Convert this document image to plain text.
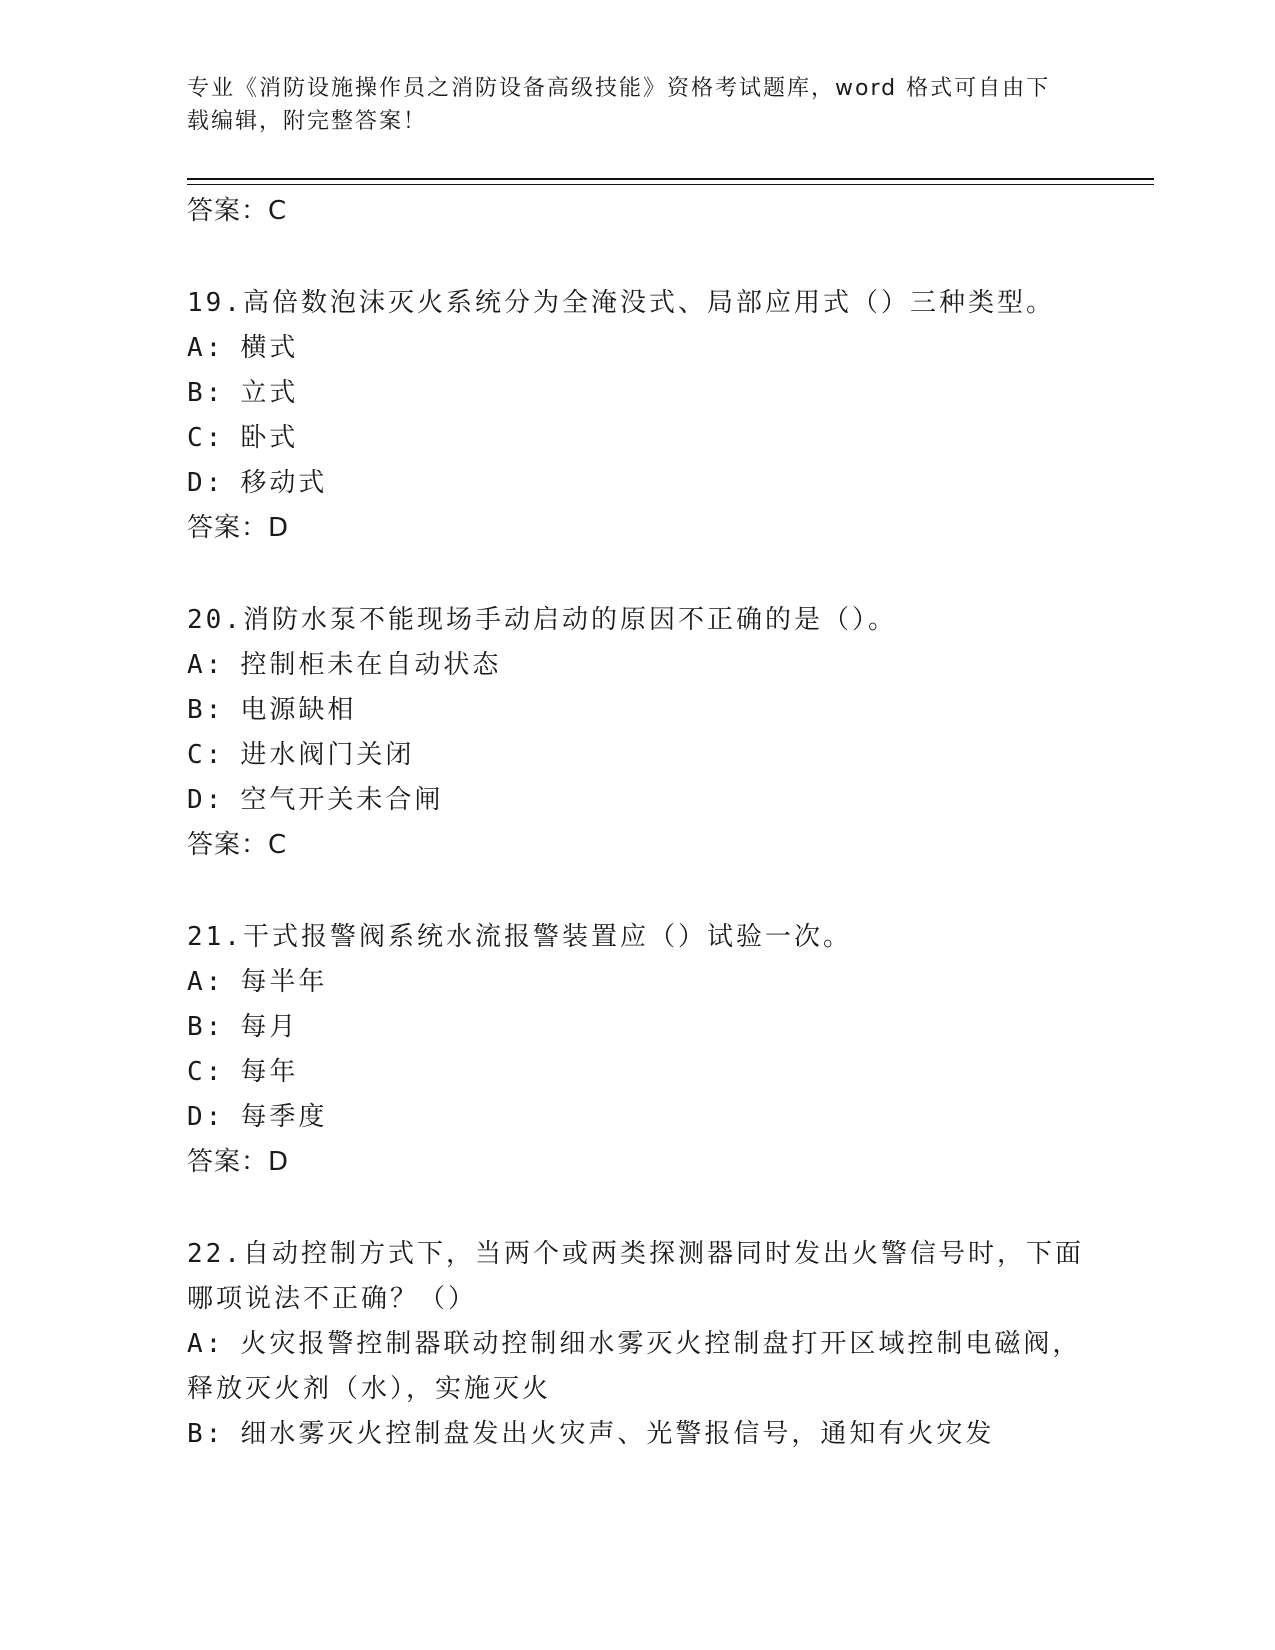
专业《消防设施操作员之消防设备高级技能》资格考试题库，word 格式可自由下
载编辑，附完整答案！
答案：C
19.高倍数泡沫灭火系统分为全淹没式、局部应用式（）三种类型。
A: 横式
B: 立式
C: 卧式
D: 移动式
答案：D
20.消防水泵不能现场手动启动的原因不正确的是（）。
A: 控制柜未在自动状态
B: 电源缺相
C: 进水阀门关闭
D: 空气开关未合闸
答案：C
21.干式报警阀系统水流报警装置应（）试验一次。
A: 每半年
B: 每月
C: 每年
D: 每季度
答案：D
22.自动控制方式下，当两个或两类探测器同时发出火警信号时，下面
哪项说法不正确？（）
A: 火灾报警控制器联动控制细水雾灭火控制盘打开区域控制电磁阀，
释放灭火剂（水），实施灭火
B: 细水雾灭火控制盘发出火灾声、光警报信号，通知有火灾发
